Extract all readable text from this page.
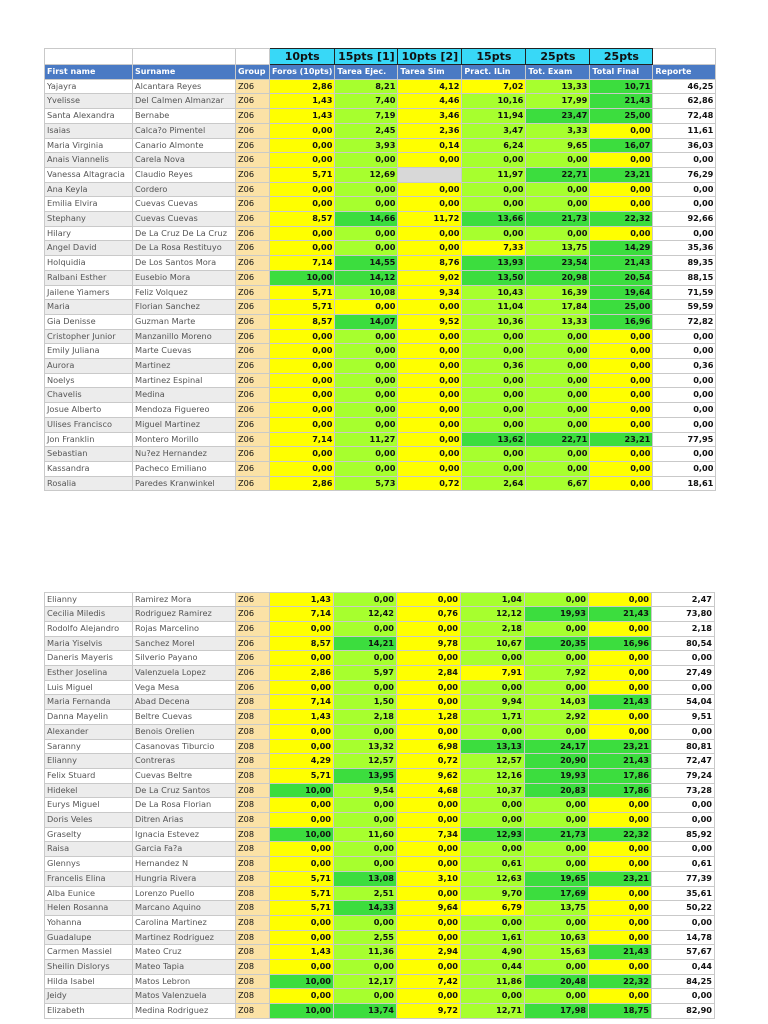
			10pts	15pts [1]	10pts [2]	15pts	25pts	25pts	
First name	Surname	Group	Foros (10pts)	Tarea Ejec.	Tarea Sim	Pract. ILin	Tot. Exam	Total Final	Reporte
Yajayra	Alcantara Reyes	Z06	2,86	8,21	4,12	7,02	13,33	10,71	46,25
Yvelisse	Del Calmen Almanzar	Z06	1,43	7,40	4,46	10,16	17,99	21,43	62,86
Santa Alexandra	Bernabe	Z06	1,43	7,19	3,46	11,94	23,47	25,00	72,48
Isaias	Calca?o Pimentel	Z06	0,00	2,45	2,36	3,47	3,33	0,00	11,61
Maria Virginia	Canario Almonte	Z06	0,00	3,93	0,14	6,24	9,65	16,07	36,03
Anais Viannelis	Carela Nova	Z06	0,00	0,00	0,00	0,00	0,00	0,00	0,00
Vanessa Altagracia	Claudio Reyes	Z06	5,71	12,69		11,97	22,71	23,21	76,29
Ana Keyla	Cordero	Z06	0,00	0,00	0,00	0,00	0,00	0,00	0,00
Emilia Elvira	Cuevas Cuevas	Z06	0,00	0,00	0,00	0,00	0,00	0,00	0,00
Stephany	Cuevas Cuevas	Z06	8,57	14,66	11,72	13,66	21,73	22,32	92,66
Hilary	De La Cruz De La Cruz	Z06	0,00	0,00	0,00	0,00	0,00	0,00	0,00
Angel David	De La Rosa Restituyo	Z06	0,00	0,00	0,00	7,33	13,75	14,29	35,36
Holquidia	De Los Santos Mora	Z06	7,14	14,55	8,76	13,93	23,54	21,43	89,35
Ralbani Esther	Eusebio Mora	Z06	10,00	14,12	9,02	13,50	20,98	20,54	88,15
Jailene Yiamers	Feliz Volquez	Z06	5,71	10,08	9,34	10,43	16,39	19,64	71,59
Maria	Florian Sanchez	Z06	5,71	0,00	0,00	11,04	17,84	25,00	59,59
Gia Denisse	Guzman Marte	Z06	8,57	14,07	9,52	10,36	13,33	16,96	72,82
Cristopher Junior	Manzanillo Moreno	Z06	0,00	0,00	0,00	0,00	0,00	0,00	0,00
Emily Juliana	Marte Cuevas	Z06	0,00	0,00	0,00	0,00	0,00	0,00	0,00
Aurora	Martinez	Z06	0,00	0,00	0,00	0,36	0,00	0,00	0,36
Noelys	Martinez Espinal	Z06	0,00	0,00	0,00	0,00	0,00	0,00	0,00
Chavelis	Medina	Z06	0,00	0,00	0,00	0,00	0,00	0,00	0,00
Josue Alberto	Mendoza Figuereo	Z06	0,00	0,00	0,00	0,00	0,00	0,00	0,00
Ulises Francisco	Miguel Martinez	Z06	0,00	0,00	0,00	0,00	0,00	0,00	0,00
Jon Franklin	Montero Morillo	Z06	7,14	11,27	0,00	13,62	22,71	23,21	77,95
Sebastian	Nu?ez Hernandez	Z06	0,00	0,00	0,00	0,00	0,00	0,00	0,00
Kassandra	Pacheco Emiliano	Z06	0,00	0,00	0,00	0,00	0,00	0,00	0,00
Rosalia	Paredes Kranwinkel	Z06	2,86	5,73	0,72	2,64	6,67	0,00	18,61
Elianny	Ramirez Mora	Z06	1,43	0,00	0,00	1,04	0,00	0,00	2,47
Cecilia Miledis	Rodriguez Ramirez	Z06	7,14	12,42	0,76	12,12	19,93	21,43	73,80
Rodolfo Alejandro	Rojas Marcelino	Z06	0,00	0,00	0,00	2,18	0,00	0,00	2,18
Maria Yiselvis	Sanchez Morel	Z06	8,57	14,21	9,78	10,67	20,35	16,96	80,54
Daneris Mayeris	Silverio Payano	Z06	0,00	0,00	0,00	0,00	0,00	0,00	0,00
Esther Joselina	Valenzuela Lopez	Z06	2,86	5,97	2,84	7,91	7,92	0,00	27,49
Luis Miguel	Vega Mesa	Z06	0,00	0,00	0,00	0,00	0,00	0,00	0,00
Maria Fernanda	Abad Decena	Z08	7,14	1,50	0,00	9,94	14,03	21,43	54,04
Danna Mayelin	Beltre Cuevas	Z08	1,43	2,18	1,28	1,71	2,92	0,00	9,51
Alexander	Benois Orelien	Z08	0,00	0,00	0,00	0,00	0,00	0,00	0,00
Saranny	Casanovas Tiburcio	Z08	0,00	13,32	6,98	13,13	24,17	23,21	80,81
Elianny	Contreras	Z08	4,29	12,57	0,72	12,57	20,90	21,43	72,47
Felix Stuard	Cuevas Beltre	Z08	5,71	13,95	9,62	12,16	19,93	17,86	79,24
Hidekel	De La Cruz Santos	Z08	10,00	9,54	4,68	10,37	20,83	17,86	73,28
Eurys Miguel	De La Rosa Florian	Z08	0,00	0,00	0,00	0,00	0,00	0,00	0,00
Doris Veles	Ditren Arias	Z08	0,00	0,00	0,00	0,00	0,00	0,00	0,00
Graselty	Ignacia Estevez	Z08	10,00	11,60	7,34	12,93	21,73	22,32	85,92
Raisa	Garcia Fa?a	Z08	0,00	0,00	0,00	0,00	0,00	0,00	0,00
Glennys	Hernandez N	Z08	0,00	0,00	0,00	0,61	0,00	0,00	0,61
Francelis Elina	Hungria Rivera	Z08	5,71	13,08	3,10	12,63	19,65	23,21	77,39
Alba Eunice	Lorenzo Puello	Z08	5,71	2,51	0,00	9,70	17,69	0,00	35,61
Helen Rosanna	Marcano Aquino	Z08	5,71	14,33	9,64	6,79	13,75	0,00	50,22
Yohanna	Carolina Martinez	Z08	0,00	0,00	0,00	0,00	0,00	0,00	0,00
Guadalupe	Martinez Rodriguez	Z08	0,00	2,55	0,00	1,61	10,63	0,00	14,78
Carmen Massiel	Mateo Cruz	Z08	1,43	11,36	2,94	4,90	15,63	21,43	57,67
Sheilin Dislorys	Mateo Tapia	Z08	0,00	0,00	0,00	0,44	0,00	0,00	0,44
Hilda Isabel	Matos Lebron	Z08	10,00	12,17	7,42	11,86	20,48	22,32	84,25
Jeidy	Matos Valenzuela	Z08	0,00	0,00	0,00	0,00	0,00	0,00	0,00
Elizabeth	Medina Rodriguez	Z08	10,00	13,74	9,72	12,71	17,98	18,75	82,90
